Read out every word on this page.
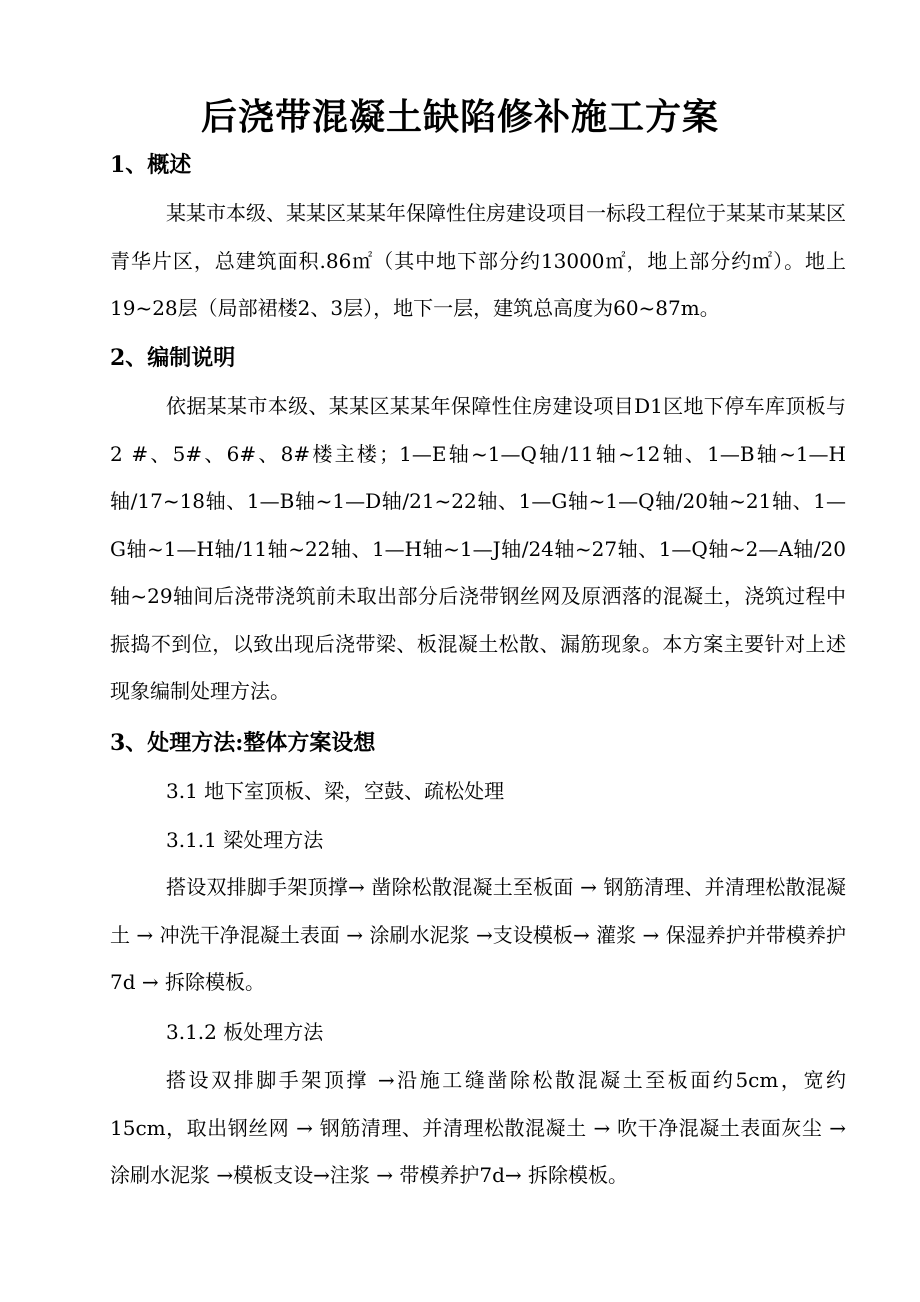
后浇带混凝土缺陷修补施工方案
1、概述

某某市本级、某某区某某年保障性住房建设项目一标段工程位于某某市某某区青华片区，总建筑面积.86㎡（其中地下部分约13000㎡，地上部分约㎡）。地上19~28层（局部裙楼2、3层），地下一层，建筑总高度为60~87m。

2、编制说明

依据某某市本级、某某区某某年保障性住房建设项目D1区地下停车库顶板与2 #、5#、6#、8#楼主楼；1—E轴~1—Q轴/11轴~12轴、1—B轴~1—H轴/17~18轴、1—B轴~1—D轴/21~22轴、1—G轴~1—Q轴/20轴~21轴、1—G轴~1—H轴/11轴~22轴、1—H轴~1—J轴/24轴~27轴、1—Q轴~2—A轴/20轴~29轴间后浇带浇筑前未取出部分后浇带钢丝网及原洒落的混凝土，浇筑过程中振捣不到位，以致出现后浇带梁、板混凝土松散、漏筋现象。本方案主要针对上述现象编制处理方法。

3、处理方法:整体方案设想
3.1 地下室顶板、梁，空鼓、疏松处理
3.1.1 梁处理方法

搭设双排脚手架顶撑→ 凿除松散混凝土至板面 → 钢筋清理、并清理松散混凝土 → 冲洗干净混凝土表面 → 涂刷水泥浆 →支设模板→ 灌浆 → 保湿养护并带模养护7d → 拆除模板。

3.1.2 板处理方法

搭设双排脚手架顶撑 →沿施工缝凿除松散混凝土至板面约5cm，宽约15cm，取出钢丝网 → 钢筋清理、并清理松散混凝土 → 吹干净混凝土表面灰尘 → 涂刷水泥浆 →模板支设→注浆 → 带模养护7d→ 拆除模板。
